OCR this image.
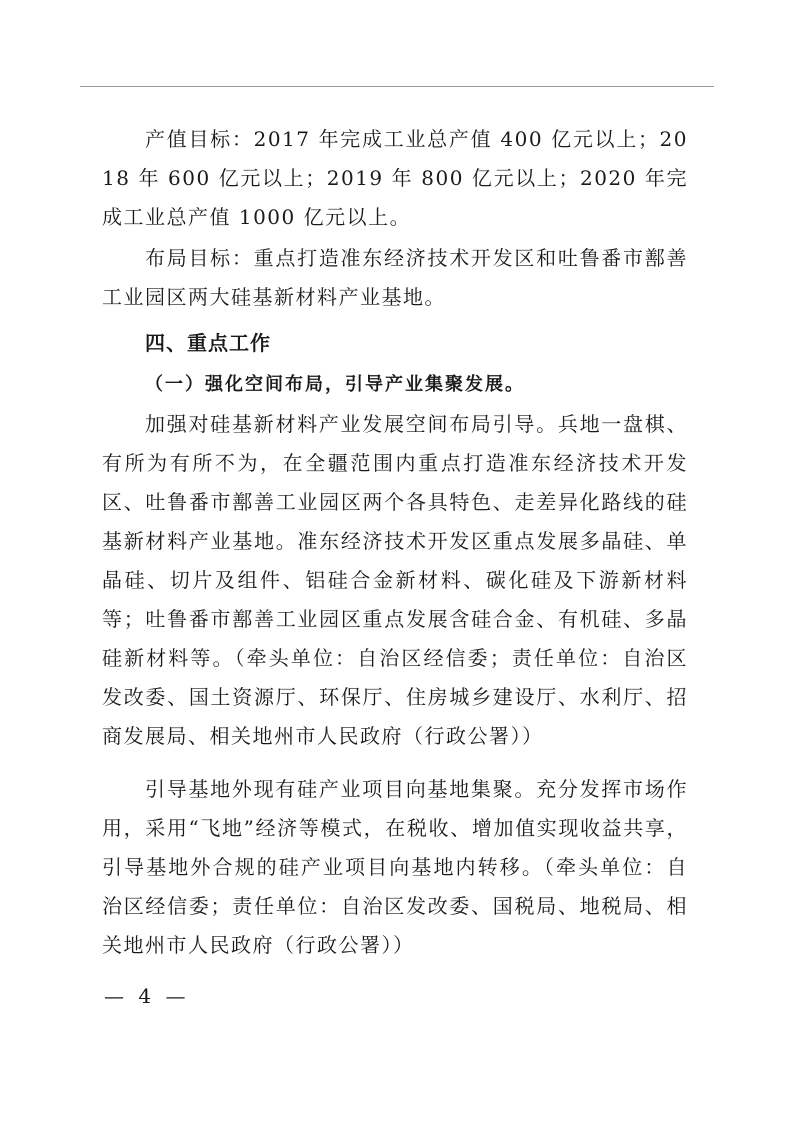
产值目标：2017 年完成工业总产值 400 亿元以上；2018 年 600 亿元以上；2019 年 800 亿元以上；2020 年完成工业总产值 1000 亿元以上。

布局目标：重点打造准东经济技术开发区和吐鲁番市鄯善工业园区两大硅基新材料产业基地。

四、重点工作

（一）强化空间布局，引导产业集聚发展。

加强对硅基新材料产业发展空间布局引导。兵地一盘棋、有所为有所不为，在全疆范围内重点打造准东经济技术开发区、吐鲁番市鄯善工业园区两个各具特色、走差异化路线的硅基新材料产业基地。准东经济技术开发区重点发展多晶硅、单晶硅、切片及组件、铝硅合金新材料、碳化硅及下游新材料等；吐鲁番市鄯善工业园区重点发展含硅合金、有机硅、多晶硅新材料等。（牵头单位：自治区经信委；责任单位：自治区发改委、国土资源厅、环保厅、住房城乡建设厅、水利厅、招商发展局、相关地州市人民政府（行政公署））

引导基地外现有硅产业项目向基地集聚。充分发挥市场作用，采用“飞地”经济等模式，在税收、增加值实现收益共享，引导基地外合规的硅产业项目向基地内转移。（牵头单位：自治区经信委；责任单位：自治区发改委、国税局、地税局、相关地州市人民政府（行政公署））

— 4 —
